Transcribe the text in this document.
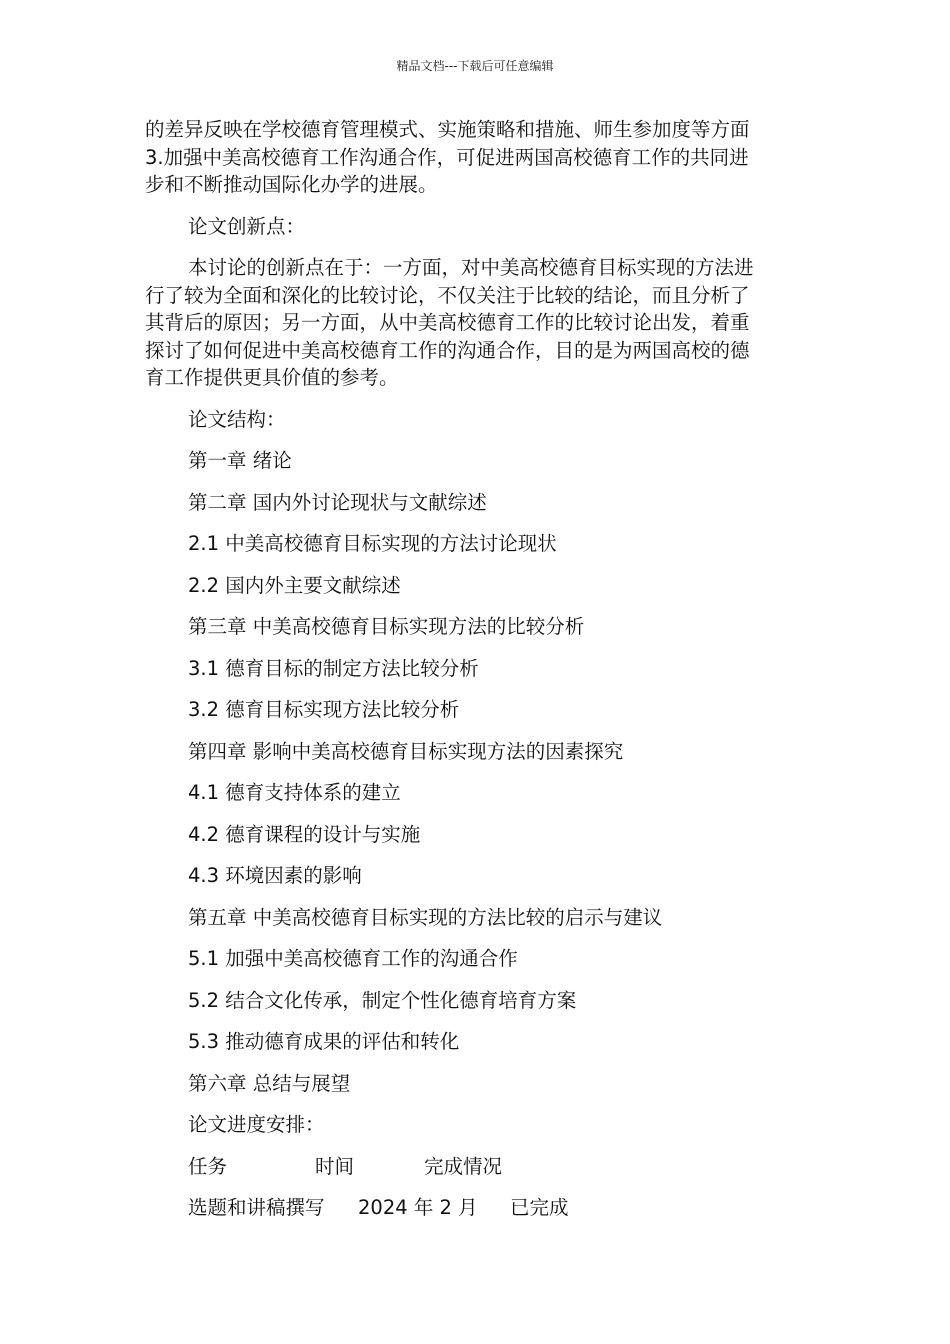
精品文档---下载后可任意编辑

的差异反映在学校德育管理模式、实施策略和措施、师生参加度等方面

3.加强中美高校德育工作沟通合作，可促进两国高校德育工作的共同进

步和不断推动国际化办学的进展。

论文创新点：

本讨论的创新点在于：一方面，对中美高校德育目标实现的方法进

行了较为全面和深化的比较讨论，不仅关注于比较的结论，而且分析了

其背后的原因；另一方面，从中美高校德育工作的比较讨论出发，着重

探讨了如何促进中美高校德育工作的沟通合作，目的是为两国高校的德

育工作提供更具价值的参考。

论文结构：

第一章 绪论
第二章 国内外讨论现状与文献综述
2.1 中美高校德育目标实现的方法讨论现状
2.2 国内外主要文献综述
第三章 中美高校德育目标实现方法的比较分析
3.1 德育目标的制定方法比较分析
3.2 德育目标实现方法比较分析
第四章 影响中美高校德育目标实现方法的因素探究
4.1 德育支持体系的建立
4.2 德育课程的设计与实施
4.3 环境因素的影响
第五章 中美高校德育目标实现的方法比较的启示与建议
5.1 加强中美高校德育工作的沟通合作
5.2 结合文化传承，制定个性化德育培育方案
5.3 推动德育成果的评估和转化
第六章 总结与展望
论文进度安排：
任务	时间	完成情况
选题和讲稿撰写 2024 年 2 月 已完成
